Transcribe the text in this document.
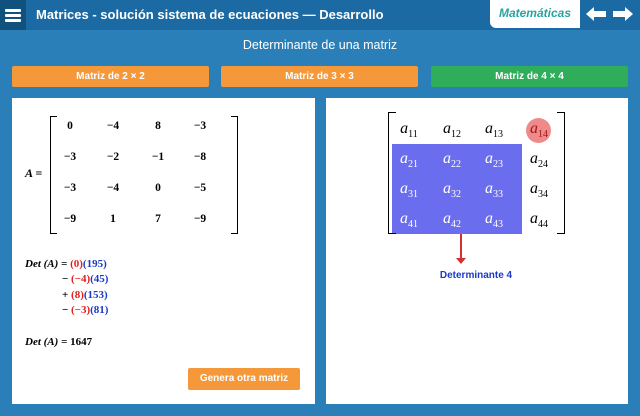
Matrices - solución sistema de ecuaciones — Desarrollo	Matemáticas
Determinante de una matriz
Matriz de 2 × 2	Matriz de 3 × 3	Matriz de 4 × 4
A =
0	−4	8	−3
−3	−2	−1	−8
−3	−4	0	−5
−9	1	7	−9
Det (A) = (0)(195)
− (−4)(45)
+ (8)(153)
− (−3)(81)
Det (A) = 1647
Genera otra matriz
$a_{11}$	$a_{12}$	$a_{13}$	$a_{14}$
$a_{21}$	$a_{22}$	$a_{23}$	$a_{24}$
$a_{31}$	$a_{32}$	$a_{33}$	$a_{34}$
$a_{41}$	$a_{42}$	$a_{43}$	$a_{44}$
Determinante 4
